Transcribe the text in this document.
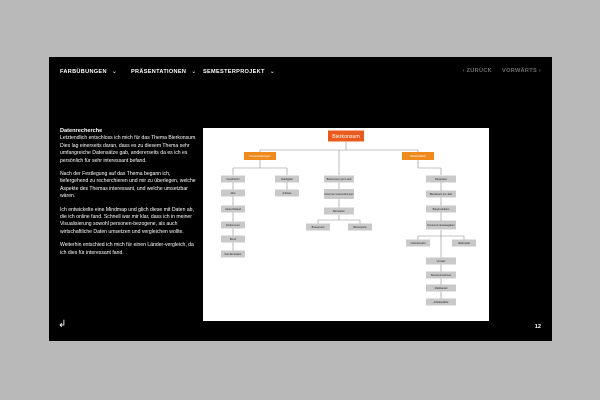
FARBÜBUNGEN ⌄ PRÄSENTATIONEN ⌄ SEMESTERPROJEKT ⌄	‹ ZURÜCK VORWÄRTS ›
Datenrecherche

Letztendlich entschloss ich mich für das Thema Bierkonsum. Dies lag einerseits daran, dass es zu diesem Thema sehr umfangreiche Datensätze gab, andererseits da es ich es persönlich für sehr interessant befand.

Nach der Festlegung auf das Thema begann ich, tiefergehend zu recherchieren und mir zu überlegen, welche Aspekte des Themas interessant, und welche umsetzbar wären.

Ich entwickelte eine Mindmap und glich diese mit Daten ab, die ich online fand. Schnell war mir klar, dass ich in meiner Visualisierung sowohl personen-bezogene, als auch wirtschaftliche Daten umsetzen und vergleichen wollte.

Weiterhin entschied ich mich für einen Länder-vergleich, da ich dies für interessant fand.

Bierkonsum
Personenbezogen	Wirtschaftlich
Geschlecht
Alter
Herkunftsland
Einkommen
Beruf
Familienstatus
Häufigkeit
Anlässe
Bierkonsum pro Land
Anteil am Gesamtkonsum
Biersorten
Brauereien	Bierexporte
Bierpreise
Bierabsatz pro Jahr
Bierproduktion
Konsumentenausgaben
Inlandsmarkt	Weltmarkt
Umsatz
Steuereinnahmen
Marktanteil
Arbeitsplätze
↲	12
